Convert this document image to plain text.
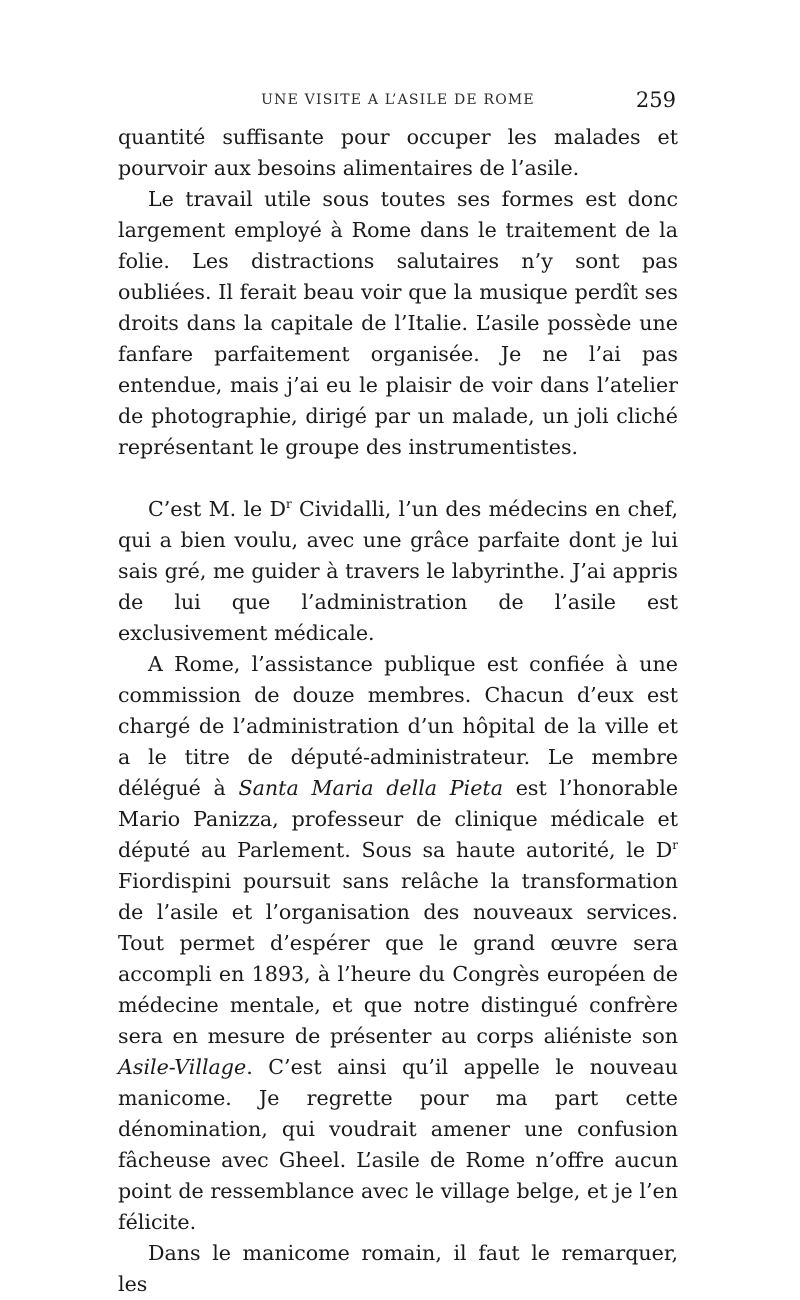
UNE VISITE A L’ASILE DE ROME	259

quantité suffisante pour occuper les malades et pourvoir aux besoins alimentaires de l’asile.

Le travail utile sous toutes ses formes est donc largement employé à Rome dans le traitement de la folie. Les distractions salutaires n’y sont pas oubliées. Il ferait beau voir que la musique perdît ses droits dans la capitale de l’Italie. L’asile possède une fanfare parfaitement organisée. Je ne l’ai pas entendue, mais j’ai eu le plaisir de voir dans l’atelier de photographie, dirigé par un malade, un joli cliché représentant le groupe des instrumentistes.

C’est M. le $D^r$ Cividalli, l’un des médecins en chef, qui a bien voulu, avec une grâce parfaite dont je lui sais gré, me guider à travers le labyrinthe. J’ai appris de lui que l’administration de l’asile est exclusivement médicale.

A Rome, l’assistance publique est confiée à une commission de douze membres. Chacun d’eux est chargé de l’administration d’un hôpital de la ville et a le titre de député-administrateur. Le membre délégué à Santa Maria della Pieta est l’honorable Mario Panizza, professeur de clinique médicale et député au Parlement. Sous sa haute autorité, le $D^r$ Fiordispini poursuit sans relâche la transformation de l’asile et l’organisation des nouveaux services. Tout permet d’espérer que le grand œuvre sera accompli en 1893, à l’heure du Congrès européen de médecine mentale, et que notre distingué confrère sera en mesure de présenter au corps aliéniste son Asile-Village. C’est ainsi qu’il appelle le nouveau manicome. Je regrette pour ma part cette dénomination, qui voudrait amener une confusion fâcheuse avec Gheel. L’asile de Rome n’offre aucun point de ressemblance avec le village belge, et je l’en félicite.

Dans le manicome romain, il faut le remarquer, les
